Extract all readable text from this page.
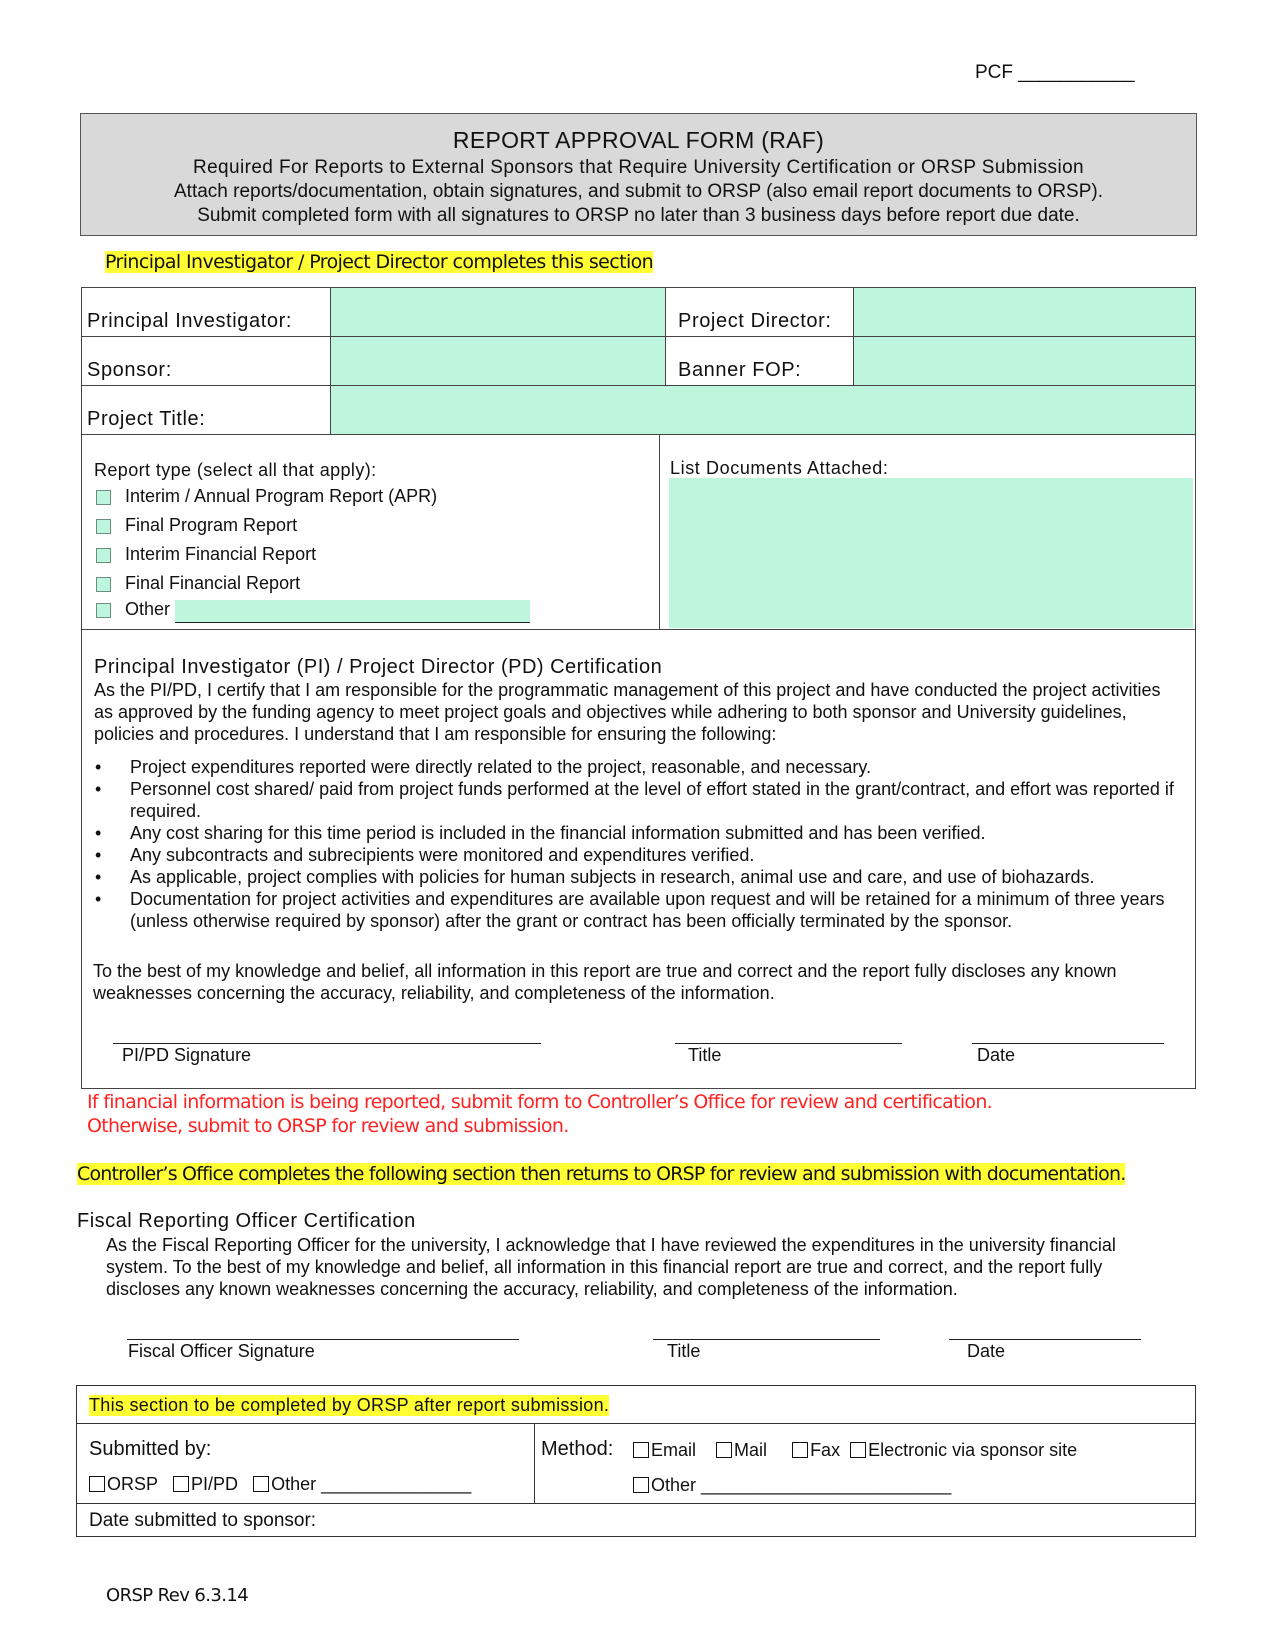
PCF ___________
REPORT APPROVAL FORM (RAF)
Required For Reports to External Sponsors that Require University Certification or ORSP Submission
Attach reports/documentation, obtain signatures, and submit to ORSP (also email report documents to ORSP).
Submit completed form with all signatures to ORSP no later than 3 business days before report due date.
Principal Investigator / Project Director completes this section
Principal Investigator:	Project Director:
Sponsor:	Banner FOP:
Project Title:
Report type (select all that apply):
Interim / Annual Program Report (APR)
Final Program Report
Interim Financial Report
Final Financial Report
Other
List Documents Attached:
Principal Investigator (PI) / Project Director (PD) Certification
As the PI/PD, I certify that I am responsible for the programmatic management of this project and have conducted the project activities as approved by the funding agency to meet project goals and objectives while adhering to both sponsor and University guidelines, policies and procedures. I understand that I am responsible for ensuring the following:
• Project expenditures reported were directly related to the project, reasonable, and necessary.
• Personnel cost shared/ paid from project funds performed at the level of effort stated in the grant/contract, and effort was reported if required.
• Any cost sharing for this time period is included in the financial information submitted and has been verified.
• Any subcontracts and subrecipients were monitored and expenditures verified.
• As applicable, project complies with policies for human subjects in research, animal use and care, and use of biohazards.
• Documentation for project activities and expenditures are available upon request and will be retained for a minimum of three years (unless otherwise required by sponsor) after the grant or contract has been officially terminated by the sponsor.
To the best of my knowledge and belief, all information in this report are true and correct and the report fully discloses any known weaknesses concerning the accuracy, reliability, and completeness of the information.
PI/PD Signature	Title	Date
If financial information is being reported, submit form to Controller’s Office for review and certification.
Otherwise, submit to ORSP for review and submission.
Controller’s Office completes the following section then returns to ORSP for review and submission with documentation.
Fiscal Reporting Officer Certification
As the Fiscal Reporting Officer for the university, I acknowledge that I have reviewed the expenditures in the university financial system. To the best of my knowledge and belief, all information in this financial report are true and correct, and the report fully discloses any known weaknesses concerning the accuracy, reliability, and completeness of the information.
Fiscal Officer Signature	Title	Date
This section to be completed by ORSP after report submission.
Submitted by:
ORSP PI/PD Other _______________
Method:	Email Mail Fax Electronic via sponsor site
Other _________________________
Date submitted to sponsor:
ORSP Rev 6.3.14
